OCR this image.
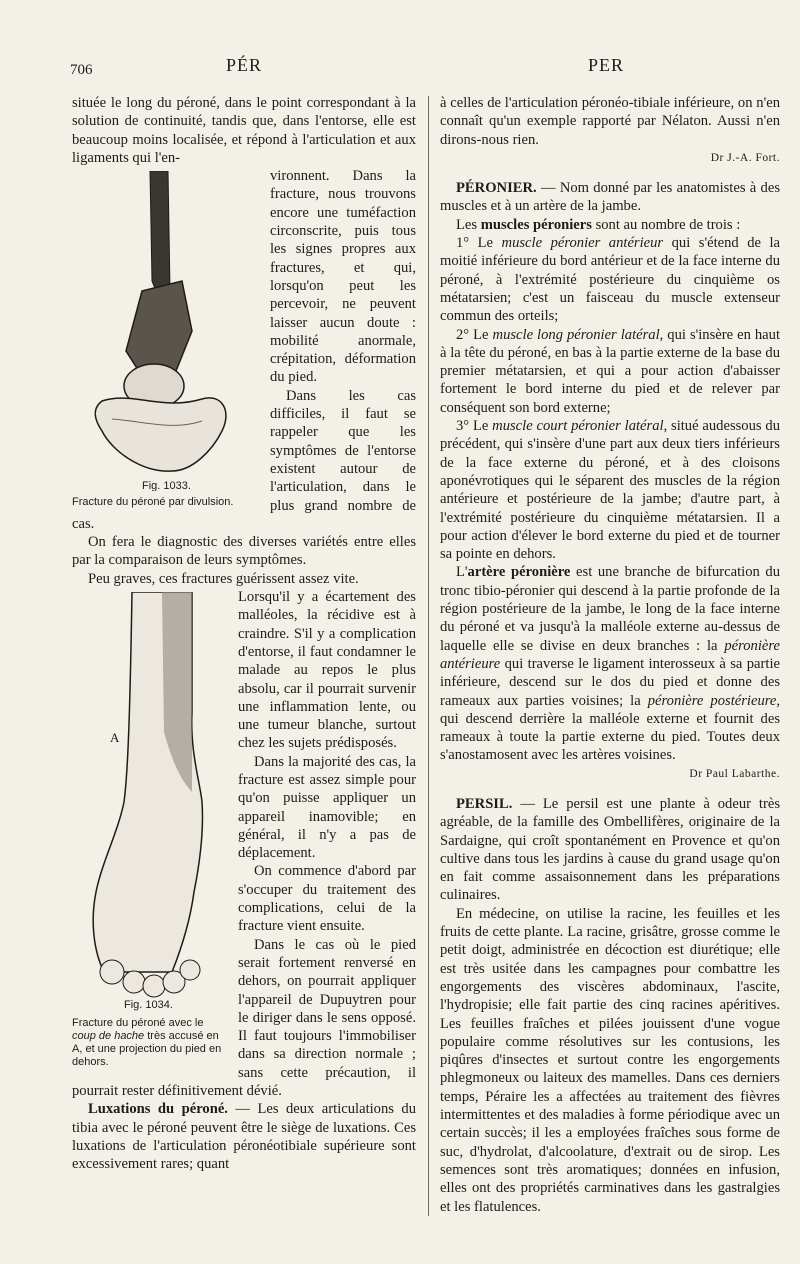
706	PÉR	PER

située le long du péroné, dans le point correspondant à la solution de continuité, tandis que, dans l'entorse, elle est beaucoup moins localisée, et répond à l'articulation et aux ligaments qui l'en-

Fig. 1033.
Fracture du péroné par divulsion.

vironnent. Dans la fracture, nous trouvons encore une tuméfaction circonscrite, puis tous les signes propres aux fractures, et qui, lorsqu'on peut les percevoir, ne peuvent laisser aucun doute : mobilité anormale, crépitation, déformation du pied.

Dans les cas difficiles, il faut se rappeler que les symptômes de l'entorse existent autour de l'articulation, dans le plus grand nombre de cas.

On fera le diagnostic des diverses variétés entre elles par la comparaison de leurs symptômes.

Peu graves, ces fractures guérissent assez vite.

A
Fig. 1034.
Fracture du péroné avec le coup de hache très accusé en A, et une projection du pied en dehors.

Lorsqu'il y a écartement des malléoles, la récidive est à craindre. S'il y a complication d'entorse, il faut condamner le malade au repos le plus absolu, car il pourrait survenir une inflammation lente, ou une tumeur blanche, surtout chez les sujets prédisposés.

Dans la majorité des cas, la fracture est assez simple pour qu'on puisse appliquer un appareil inamovible; en général, il n'y a pas de déplacement.

On commence d'abord par s'occuper du traitement des complications, celui de la fracture vient ensuite.

Dans le cas où le pied serait fortement renversé en dehors, on pourrait appliquer l'appareil de Dupuytren pour le diriger dans le sens opposé. Il faut toujours l'immobiliser dans sa direction normale ; sans cette précaution, il pourrait rester définitivement dévié.

Luxations du péroné. — Les deux articulations du tibia avec le péroné peuvent être le siège de luxations. Ces luxations de l'articulation péronéotibiale supérieure sont excessivement rares; quant

à celles de l'articulation péronéo-tibiale inférieure, on n'en connaît qu'un exemple rapporté par Nélaton. Aussi n'en dirons-nous rien.

Dr J.-A. Fort.

PÉRONIER. — Nom donné par les anatomistes à des muscles et à un artère de la jambe.

Les muscles péroniers sont au nombre de trois :

1° Le muscle péronier antérieur qui s'étend de la moitié inférieure du bord antérieur et de la face interne du péroné, à l'extrémité postérieure du cinquième os métatarsien; c'est un faisceau du muscle extenseur commun des orteils;

2° Le muscle long péronier latéral, qui s'insère en haut à la tête du péroné, en bas à la partie externe de la base du premier métatarsien, et qui a pour action d'abaisser fortement le bord interne du pied et de relever par conséquent son bord externe;

3° Le muscle court péronier latéral, situé audessous du précédent, qui s'insère d'une part aux deux tiers inférieurs de la face externe du péroné, et à des cloisons aponévrotiques qui le séparent des muscles de la région antérieure et postérieure de la jambe; d'autre part, à l'extrémité postérieure du cinquième métatarsien. Il a pour action d'élever le bord externe du pied et de tourner sa pointe en dehors.

L'artère péronière est une branche de bifurcation du tronc tibio-péronier qui descend à la partie profonde de la région postérieure de la jambe, le long de la face interne du péroné et va jusqu'à la malléole externe au-dessus de laquelle elle se divise en deux branches : la péronière antérieure qui traverse le ligament interosseux à sa partie inférieure, descend sur le dos du pied et donne des rameaux aux parties voisines; la péronière postérieure, qui descend derrière la malléole externe et fournit des rameaux à toute la partie externe du pied. Toutes deux s'anostamosent avec les artères voisines.

Dr Paul Labarthe.

PERSIL. — Le persil est une plante à odeur très agréable, de la famille des Ombellifères, originaire de la Sardaigne, qui croît spontanément en Provence et qu'on cultive dans tous les jardins à cause du grand usage qu'on en fait comme assaisonnement dans les préparations culinaires.

En médecine, on utilise la racine, les feuilles et les fruits de cette plante. La racine, grisâtre, grosse comme le petit doigt, administrée en décoction est diurétique; elle est très usitée dans les campagnes pour combattre les engorgements des viscères abdominaux, l'ascite, l'hydropisie; elle fait partie des cinq racines apéritives. Les feuilles fraîches et pilées jouissent d'une vogue populaire comme résolutives sur les contusions, les piqûres d'insectes et surtout contre les engorgements phlegmoneux ou laiteux des mamelles. Dans ces derniers temps, Péraire les a affectées au traitement des fièvres intermittentes et des maladies à forme périodique avec un certain succès; il les a employées fraîches sous forme de suc, d'hydrolat, d'alcoolature, d'extrait ou de sirop. Les semences sont très aromatiques; données en infusion, elles ont des propriétés carminatives dans les gastralgies et les flatulences.
